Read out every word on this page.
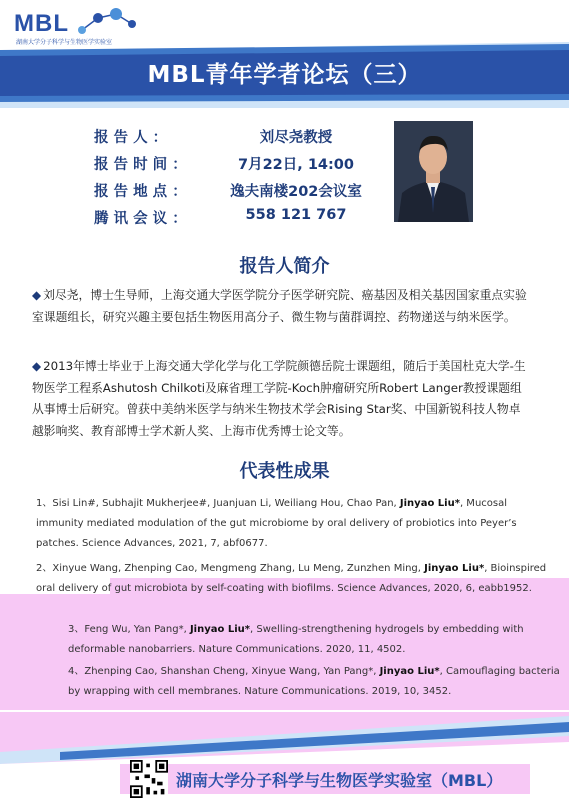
MBL
湖南大学分子科学与生物医学实验室
MBL青年学者论坛（三）
报 告 人 ：	刘尽尧教授
报 告 时 间 ：	7月22日, 14:00
报 告 地 点 ：	逸夫南楼202会议室
腾 讯 会 议 ：	558 121 767
报告人简介
◆ 刘尽尧，博士生导师，上海交通大学医学院分子医学研究院、癌基因及相关基因国家重点实验室课题组长，研究兴趣主要包括生物医用高分子、微生物与菌群调控、药物递送与纳米医学。
◆ 2013年博士毕业于上海交通大学化学与化工学院颜德岳院士课题组，随后于美国杜克大学-生物医学工程系Ashutosh Chilkoti及麻省理工学院-Koch肿瘤研究所Robert Langer教授课题组从事博士后研究。曾获中美纳米医学与纳米生物技术学会Rising Star奖、中国新锐科技人物卓越影响奖、教育部博士学术新人奖、上海市优秀博士论文等。
代表性成果
1、Sisi Lin#, Subhajit Mukherjee#, Juanjuan Li, Weiliang Hou, Chao Pan, Jinyao Liu*, Mucosal immunity mediated modulation of the gut microbiome by oral delivery of probiotics into Peyer’s patches. Science Advances, 2021, 7, abf0677.
2、Xinyue Wang, Zhenping Cao, Mengmeng Zhang, Lu Meng, Zunzhen Ming, Jinyao Liu*, Bioinspired oral delivery of gut microbiota by self-coating with biofilms. Science Advances, 2020, 6, eabb1952.
3、Feng Wu, Yan Pang*, Jinyao Liu*, Swelling-strengthening hydrogels by embedding with deformable nanobarriers. Nature Communications. 2020, 11, 4502.
4、Zhenping Cao, Shanshan Cheng, Xinyue Wang, Yan Pang*, Jinyao Liu*, Camouflaging bacteria by wrapping with cell membranes. Nature Communications. 2019, 10, 3452.
湖南大学分子科学与生物医学实验室（MBL）
